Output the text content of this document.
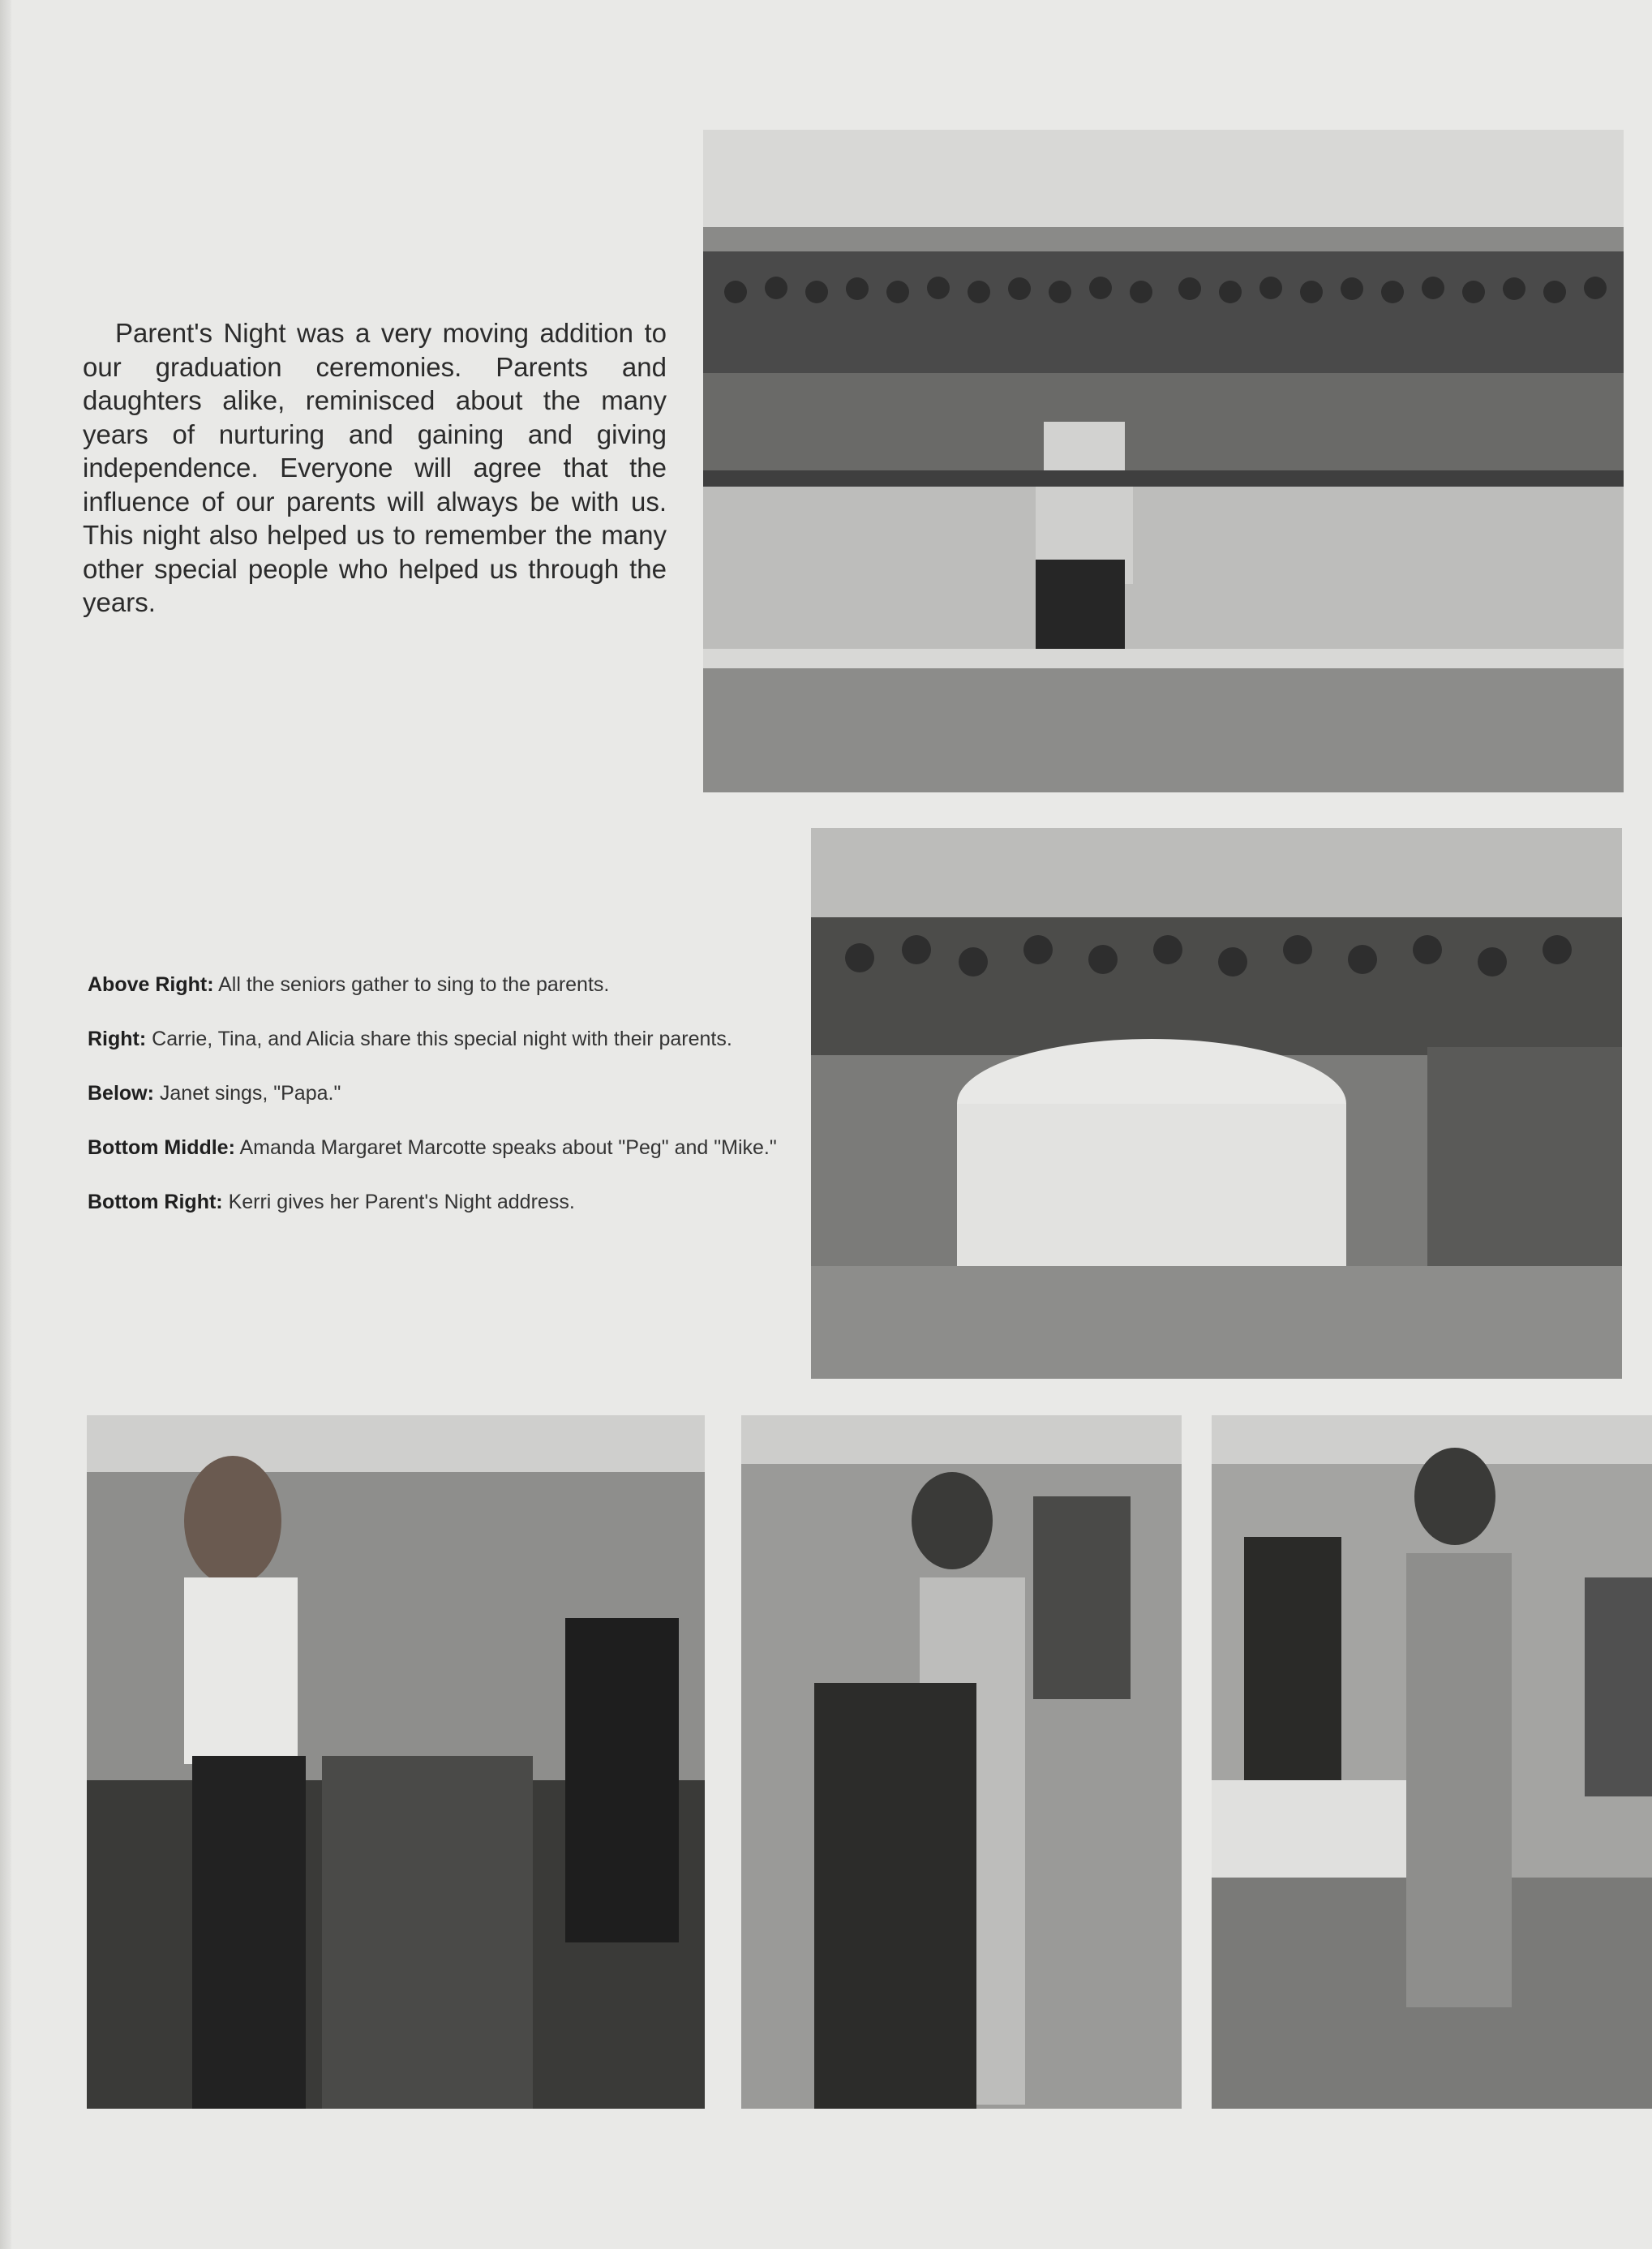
Parent's Night was a very moving addition to our graduation ceremonies. Parents and daughters alike, reminisced about the many years of nurturing and gaining and giving independence. Everyone will agree that the influence of our parents will always be with us. This night also helped us to remember the many other special people who helped us through the years.

Above Right: All the seniors gather to sing to the parents.
Right: Carrie, Tina, and Alicia share this special night with their parents.
Below: Janet sings, "Papa."
Bottom Middle: Amanda Margaret Marcotte speaks about "Peg" and "Mike."
Bottom Right: Kerri gives her Parent's Night address.
